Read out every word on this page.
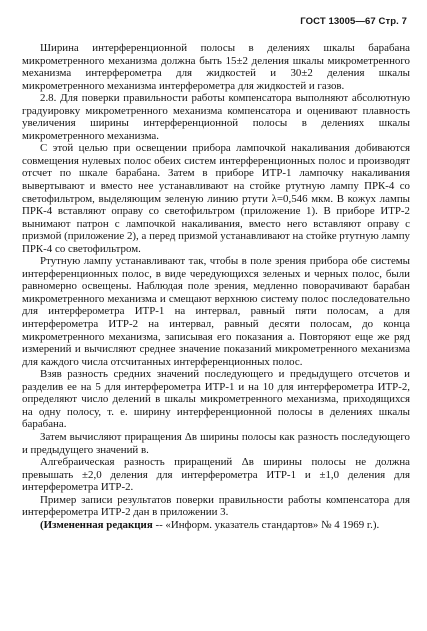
ГОСТ 13005—67 Стр. 7

Ширина интерференционной полосы в делениях шкалы барабана микрометренного механизма должна быть 15±2 деления шкалы микрометренного механизма интерферометра для жидкостей и 30±2 деления шкалы микрометренного механизма интерферометра для жидкостей и газов.

2.8. Для поверки правильности работы компенсатора выполняют абсолютную градуировку микрометренного механизма компенсатора и оценивают плавность увеличения ширины интерференционной полосы в делениях шкалы микрометренного механизма.

С этой целью при освещении прибора лампочкой накаливания добиваются совмещения нулевых полос обеих систем интерференционных полос и производят отсчет по шкале барабана. Затем в приборе ИТР-1 лампочку накаливания вывертывают и вместо нее устанавливают на стойке ртутную лампу ПРК-4 со светофильтром, выделяющим зеленую линию ртути λ=0,546 мкм. В кожух лампы ПРК-4 вставляют оправу со светофильтром (приложение 1). В приборе ИТР-2 вынимают патрон с лампочкой накаливания, вместо него вставляют оправу с призмой (приложение 2), а перед призмой устанавливают на стойке ртутную лампу ПРК-4 со светофильтром.

Ртутную лампу устанавливают так, чтобы в поле зрения прибора обе системы интерференционных полос, в виде чередующихся зеленых и черных полос, были равномерно освещены. Наблюдая поле зрения, медленно поворачивают барабан микрометренного механизма и смещают верхнюю систему полос последовательно для интерферометра ИТР-1 на интервал, равный пяти полосам, а для интерферометра ИТР-2 на интервал, равный десяти полосам, до конца микрометренного механизма, записывая его показания a. Повторяют еще же ряд измерений и вычисляют среднее значение показаний микрометренного механизма для каждого числа отсчитанных интерференционных полос.

Взяв разность средних значений последующего и предыдущего отсчетов и разделив ее на 5 для интерферометра ИТР-1 и на 10 для интерферометра ИТР-2, определяют число делений в шкалы микрометренного механизма, приходящихся на одну полосу, т. е. ширину интерференционной полосы в делениях шкалы барабана.

Затем вычисляют приращения Δв ширины полосы как разность последующего и предыдущего значений в.

Алгебраическая разность приращений Δв ширины полосы не должна превышать ±2,0 деления для интерферометра ИТР-1 и ±1,0 деления для интерферометра ИТР-2.

Пример записи результатов поверки правильности работы компенсатора для интерферометра ИТР-2 дан в приложении 3.

(Измененная редакция -- «Информ. указатель стандартов» № 4 1969 г.).
